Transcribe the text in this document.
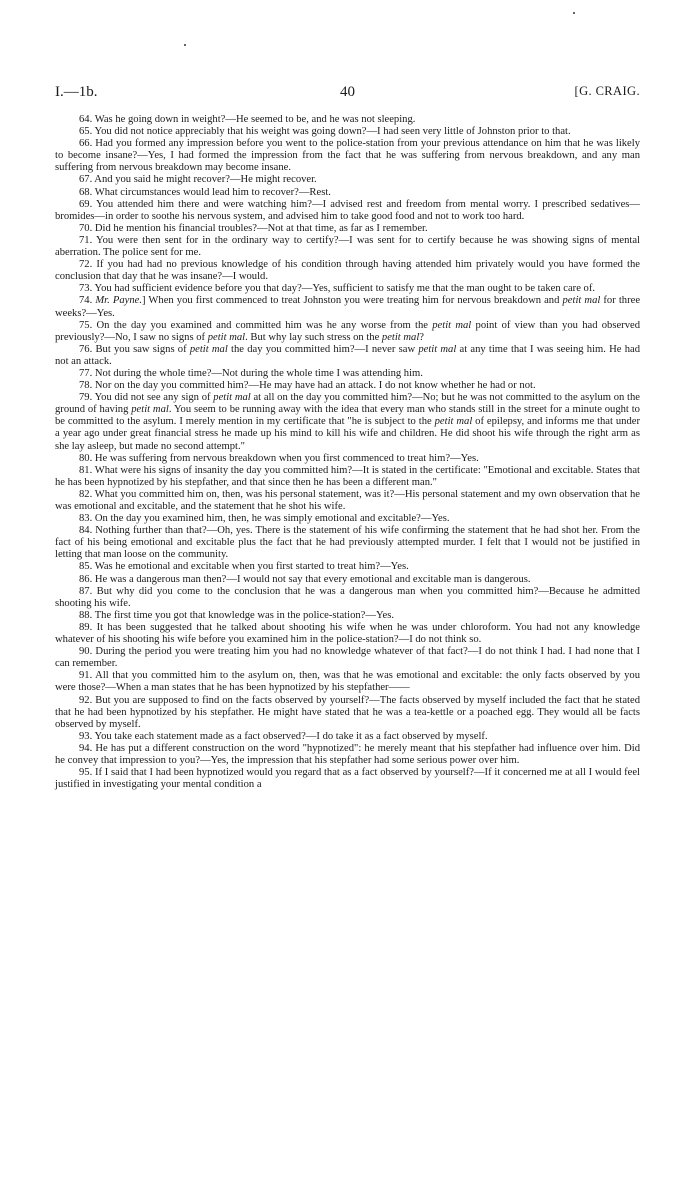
I.—1b.	40	[G. CRAIG.

64. Was he going down in weight?—He seemed to be, and he was not sleeping.

65. You did not notice appreciably that his weight was going down?—I had seen very little of Johnston prior to that.

66. Had you formed any impression before you went to the police-station from your previous attendance on him that he was likely to become insane?—Yes, I had formed the impression from the fact that he was suffering from nervous breakdown, and any man suffering from nervous breakdown may become insane.

67. And you said he might recover?—He might recover.

68. What circumstances would lead him to recover?—Rest.

69. You attended him there and were watching him?—I advised rest and freedom from mental worry. I prescribed sedatives—bromides—in order to soothe his nervous system, and advised him to take good food and not to work too hard.

70. Did he mention his financial troubles?—Not at that time, as far as I remember.

71. You were then sent for in the ordinary way to certify?—I was sent for to certify because he was showing signs of mental aberration. The police sent for me.

72. If you had had no previous knowledge of his condition through having attended him privately would you have formed the conclusion that day that he was insane?—I would.

73. You had sufficient evidence before you that day?—Yes, sufficient to satisfy me that the man ought to be taken care of.

74. Mr. Payne.] When you first commenced to treat Johnston you were treating him for nervous breakdown and petit mal for three weeks?—Yes.

75. On the day you examined and committed him was he any worse from the petit mal point of view than you had observed previously?—No, I saw no signs of petit mal. But why lay such stress on the petit mal?

76. But you saw signs of petit mal the day you committed him?—I never saw petit mal at any time that I was seeing him. He had not an attack.

77. Not during the whole time?—Not during the whole time I was attending him.

78. Nor on the day you committed him?—He may have had an attack. I do not know whether he had or not.

79. You did not see any sign of petit mal at all on the day you committed him?—No; but he was not committed to the asylum on the ground of having petit mal. You seem to be running away with the idea that every man who stands still in the street for a minute ought to be committed to the asylum. I merely mention in my certificate that "he is subject to the petit mal of epilepsy, and informs me that under a year ago under great financial stress he made up his mind to kill his wife and children. He did shoot his wife through the right arm as she lay asleep, but made no second attempt."

80. He was suffering from nervous breakdown when you first commenced to treat him?—Yes.

81. What were his signs of insanity the day you committed him?—It is stated in the certificate: "Emotional and excitable. States that he has been hypnotized by his stepfather, and that since then he has been a different man."

82. What you committed him on, then, was his personal statement, was it?—His personal statement and my own observation that he was emotional and excitable, and the statement that he shot his wife.

83. On the day you examined him, then, he was simply emotional and excitable?—Yes.

84. Nothing further than that?—Oh, yes. There is the statement of his wife confirming the statement that he had shot her. From the fact of his being emotional and excitable plus the fact that he had previously attempted murder. I felt that I would not be justified in letting that man loose on the community.

85. Was he emotional and excitable when you first started to treat him?—Yes.

86. He was a dangerous man then?—I would not say that every emotional and excitable man is dangerous.

87. But why did you come to the conclusion that he was a dangerous man when you committed him?—Because he admitted shooting his wife.

88. The first time you got that knowledge was in the police-station?—Yes.

89. It has been suggested that he talked about shooting his wife when he was under chloroform. You had not any knowledge whatever of his shooting his wife before you examined him in the police-station?—I do not think so.

90. During the period you were treating him you had no knowledge whatever of that fact?—I do not think I had. I had none that I can remember.

91. All that you committed him to the asylum on, then, was that he was emotional and excitable: the only facts observed by you were those?—When a man states that he has been hypnotized by his stepfather——

92. But you are supposed to find on the facts observed by yourself?—The facts observed by myself included the fact that he stated that he had been hypnotized by his stepfather. He might have stated that he was a tea-kettle or a poached egg. They would all be facts observed by myself.

93. You take each statement made as a fact observed?—I do take it as a fact observed by myself.

94. He has put a different construction on the word "hypnotized": he merely meant that his stepfather had influence over him. Did he convey that impression to you?—Yes, the impression that his stepfather had some serious power over him.

95. If I said that I had been hypnotized would you regard that as a fact observed by yourself?—If it concerned me at all I would feel justified in investigating your mental condition a
